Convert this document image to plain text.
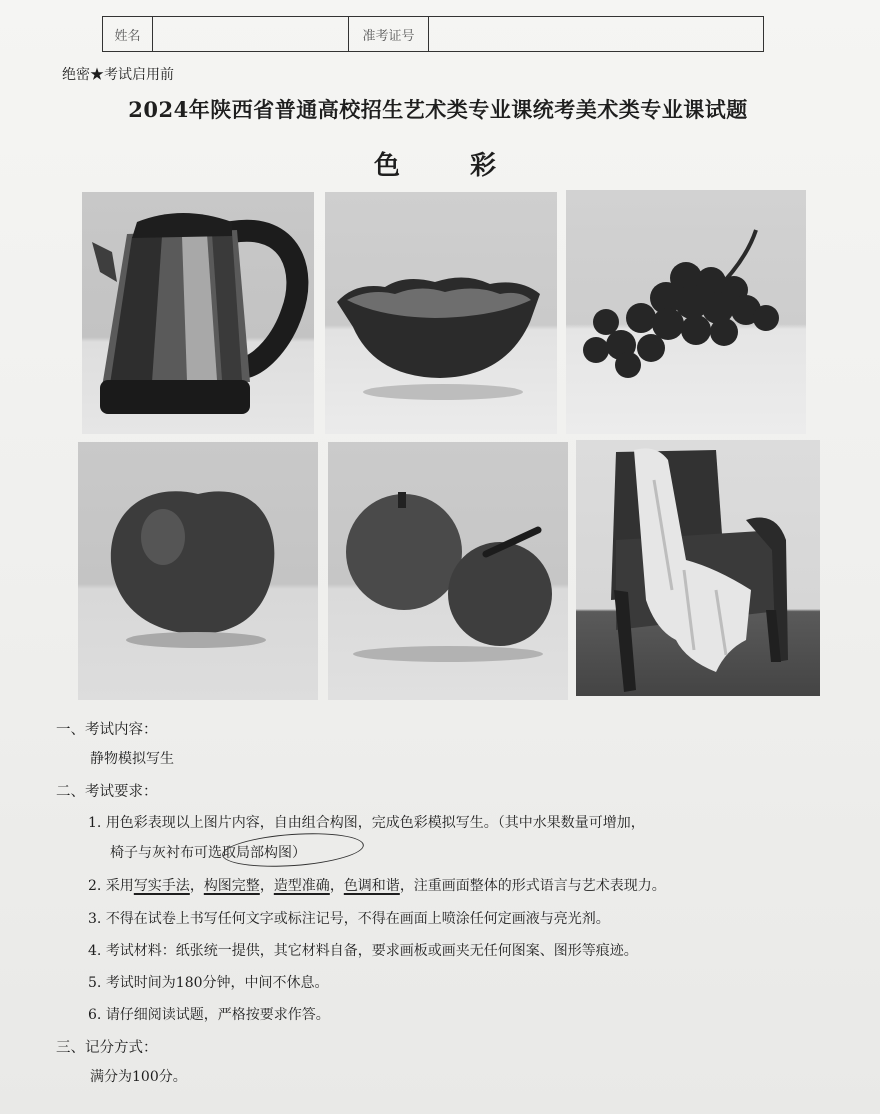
姓名	准考证号
绝密★考试启用前
2024年陕西省普通高校招生艺术类专业课统考美术类专业课试题
色彩
一、考试内容：
静物模拟写生
二、考试要求：
1. 用色彩表现以上图片内容，自由组合构图，完成色彩模拟写生。（其中水果数量可增加，
椅子与灰衬布可选取局部构图）
2. 采用写实手法，构图完整，造型准确，色调和谐，注重画面整体的形式语言与艺术表现力。
3. 不得在试卷上书写任何文字或标注记号，不得在画面上喷涂任何定画液与亮光剂。
4. 考试材料：纸张统一提供，其它材料自备，要求画板或画夹无任何图案、图形等痕迹。
5. 考试时间为180分钟，中间不休息。
6. 请仔细阅读试题，严格按要求作答。
三、记分方式：
满分为100分。
